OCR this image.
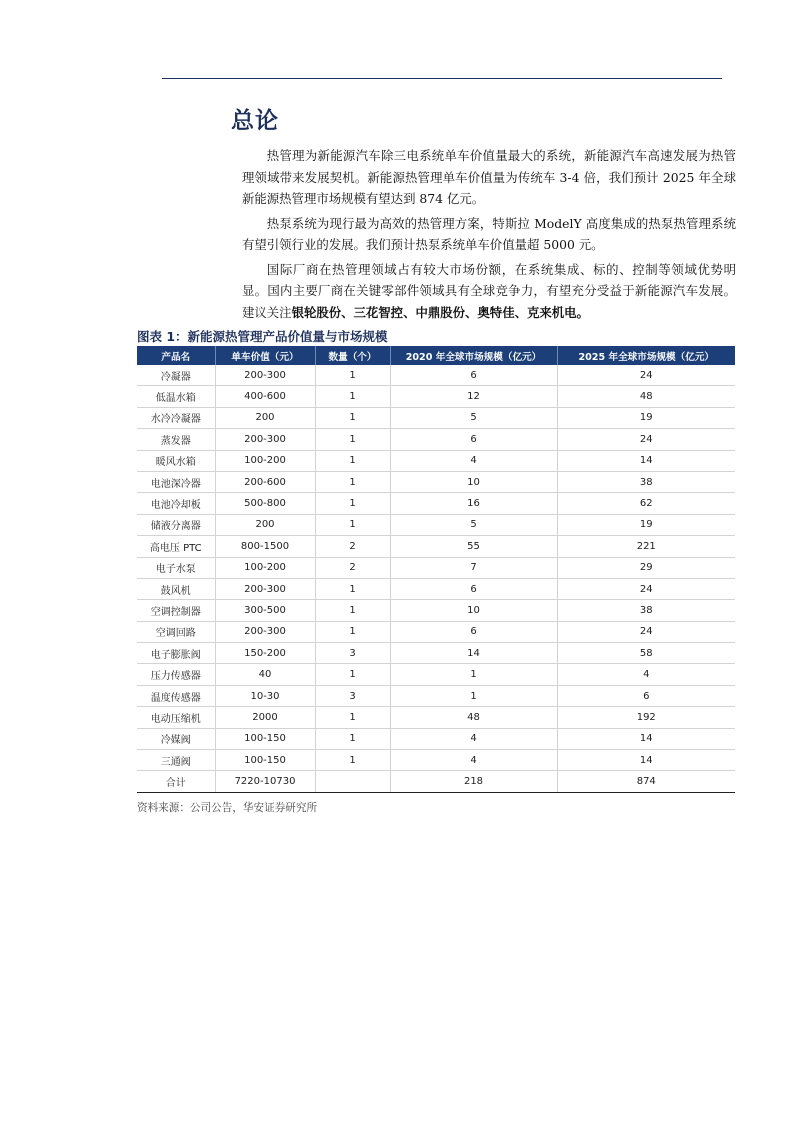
总论

热管理为新能源汽车除三电系统单车价值量最大的系统，新能源汽车高速发展为热管理领域带来发展契机。新能源热管理单车价值量为传统车 3-4 倍，我们预计 2025 年全球新能源热管理市场规模有望达到 874 亿元。

热泵系统为现行最为高效的热管理方案，特斯拉 ModelY 高度集成的热泵热管理系统有望引领行业的发展。我们预计热泵系统单车价值量超 5000 元。

国际厂商在热管理领域占有较大市场份额，在系统集成、标的、控制等领域优势明显。国内主要厂商在关键零部件领域具有全球竞争力，有望充分受益于新能源汽车发展。建议关注银轮股份、三花智控、中鼎股份、奥特佳、克来机电。

图表 1：新能源热管理产品价值量与市场规模
产品名	单车价值（元）	数量（个）	2020 年全球市场规模（亿元）	2025 年全球市场规模（亿元）
冷凝器	200-300	1	6	24
低温水箱	400-600	1	12	48
水冷冷凝器	200	1	5	19
蒸发器	200-300	1	6	24
暖风水箱	100-200	1	4	14
电池深冷器	200-600	1	10	38
电池冷却板	500-800	1	16	62
储液分离器	200	1	5	19
高电压 PTC	800-1500	2	55	221
电子水泵	100-200	2	7	29
鼓风机	200-300	1	6	24
空调控制器	300-500	1	10	38
空调回路	200-300	1	6	24
电子膨胀阀	150-200	3	14	58
压力传感器	40	1	1	4
温度传感器	10-30	3	1	6
电动压缩机	2000	1	48	192
冷媒阀	100-150	1	4	14
三通阀	100-150	1	4	14
合计	7220-10730		218	874
资料来源：公司公告，华安证券研究所
